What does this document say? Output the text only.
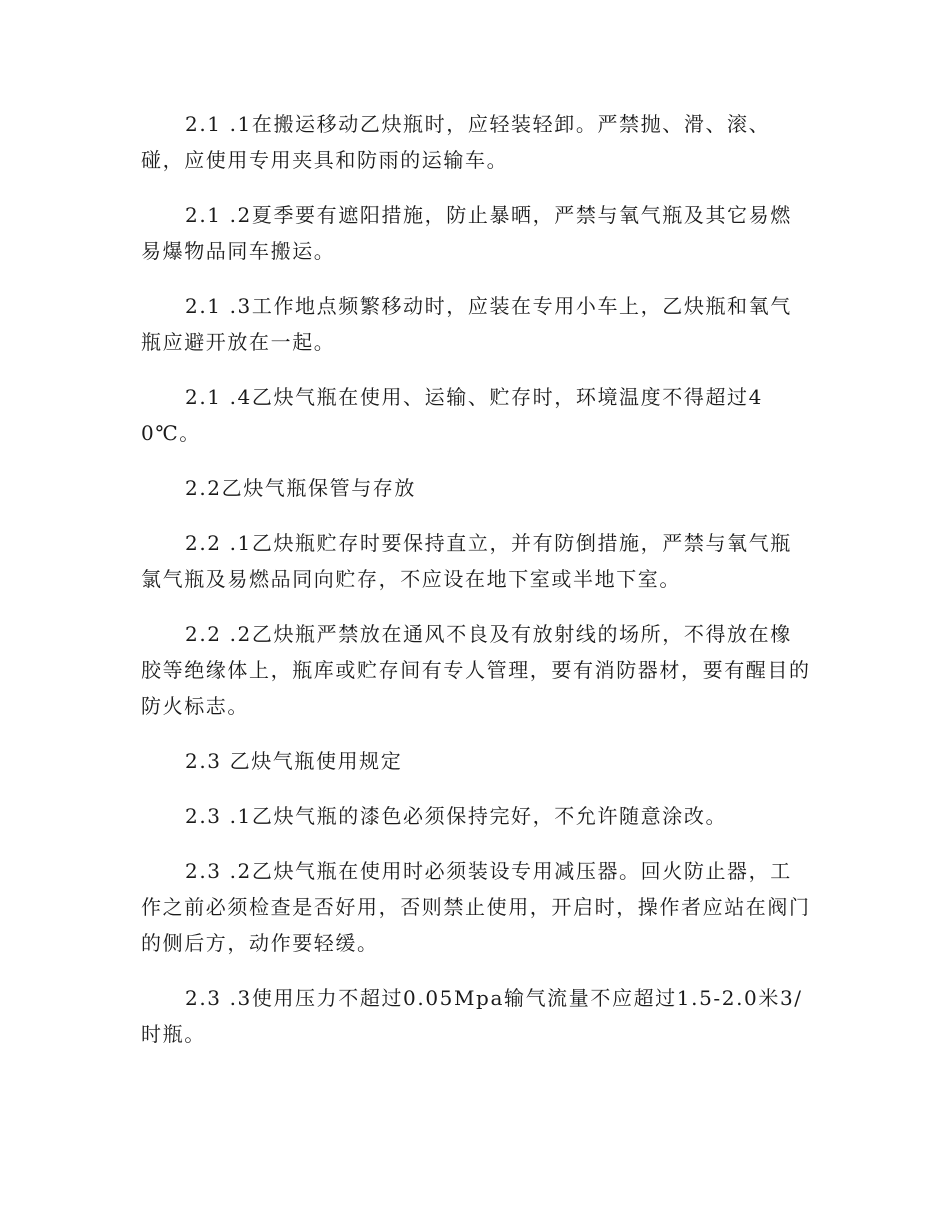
2.1 .1在搬运移动乙炔瓶时，应轻装轻卸。严禁抛、滑、滚、碰，应使用专用夹具和防雨的运输车。

2.1 .2夏季要有遮阳措施，防止暴晒，严禁与氧气瓶及其它易燃易爆物品同车搬运。

2.1 .3工作地点频繁移动时，应装在专用小车上，乙炔瓶和氧气瓶应避开放在一起。

2.1 .4乙炔气瓶在使用、运输、贮存时，环境温度不得超过40℃。

2.2乙炔气瓶保管与存放

2.2 .1乙炔瓶贮存时要保持直立，并有防倒措施，严禁与氧气瓶氯气瓶及易燃品同向贮存，不应设在地下室或半地下室。

2.2 .2乙炔瓶严禁放在通风不良及有放射线的场所，不得放在橡胶等绝缘体上，瓶库或贮存间有专人管理，要有消防器材，要有醒目的防火标志。

2.3 乙炔气瓶使用规定

2.3 .1乙炔气瓶的漆色必须保持完好，不允许随意涂改。

2.3 .2乙炔气瓶在使用时必须装设专用减压器。回火防止器，工作之前必须检查是否好用，否则禁止使用，开启时，操作者应站在阀门的侧后方，动作要轻缓。

2.3 .3使用压力不超过0.05Mpa输气流量不应超过1.5-2.0米3/时瓶。
